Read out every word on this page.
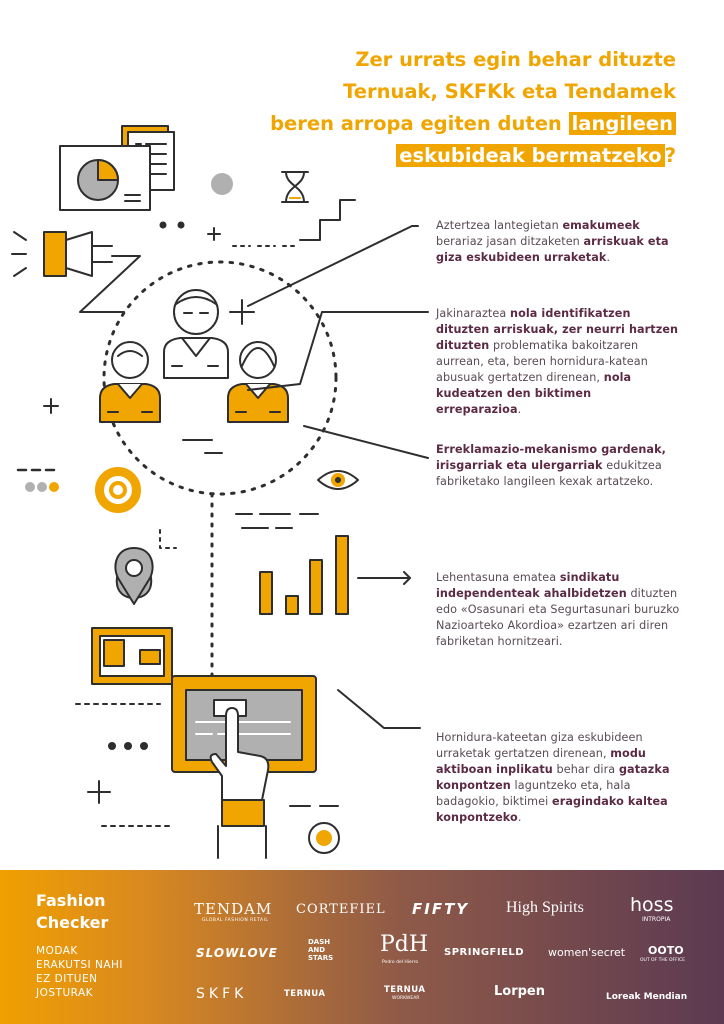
Zer urrats egin behar dituzte
Ternuak, SKFKk eta Tendamek
beren arropa egiten duten langileen
eskubideak bermatzeko ?
Aztertzea lantegietan emakumeek berariaz jasan ditzaketen arriskuak eta giza eskubideen urraketak.
Jakinaraztea nola identifikatzen dituzten arriskuak, zer neurri hartzen dituzten problematika bakoitzaren aurrean, eta, beren hornidura-katean abusuak gertatzen direnean, nola kudeatzen den biktimen erreparazioa.
Erreklamazio-mekanismo gardenak, irisgarriak eta ulergarriak edukitzea fabriketako langileen kexak artatzeko.
Lehentasuna ematea sindikatu independenteak ahalbidetzen dituzten edo «Osasunari eta Segurtasunari buruzko Nazioarteko Akordioa» ezartzen ari diren fabriketan hornitzeari.
Hornidura-kateetan giza eskubideen urraketak gertatzen direnean, modu aktiboan inplikatu behar dira gatazka konpontzen laguntzeko eta, hala badagokio, biktimei eragindako kaltea konpontzeko.
Fashion
Checker
MODAK
ERAKUTSI NAHI
EZ DITUEN
JOSTURAK
TENDAM
GLOBAL FASHION RETAIL
CORTEFIEL FIFTY High Spirits hoss
INTROPIA
SLOWLOVE
DASH
AND
STARS
PdH
Pedro del Hierro
SPRINGFIELD women'secret OOTO
OUT OF THE OFFICE
SKFK	TERNUA	TERNUA
WORKWEAR	Lorpen	Loreak Mendian
